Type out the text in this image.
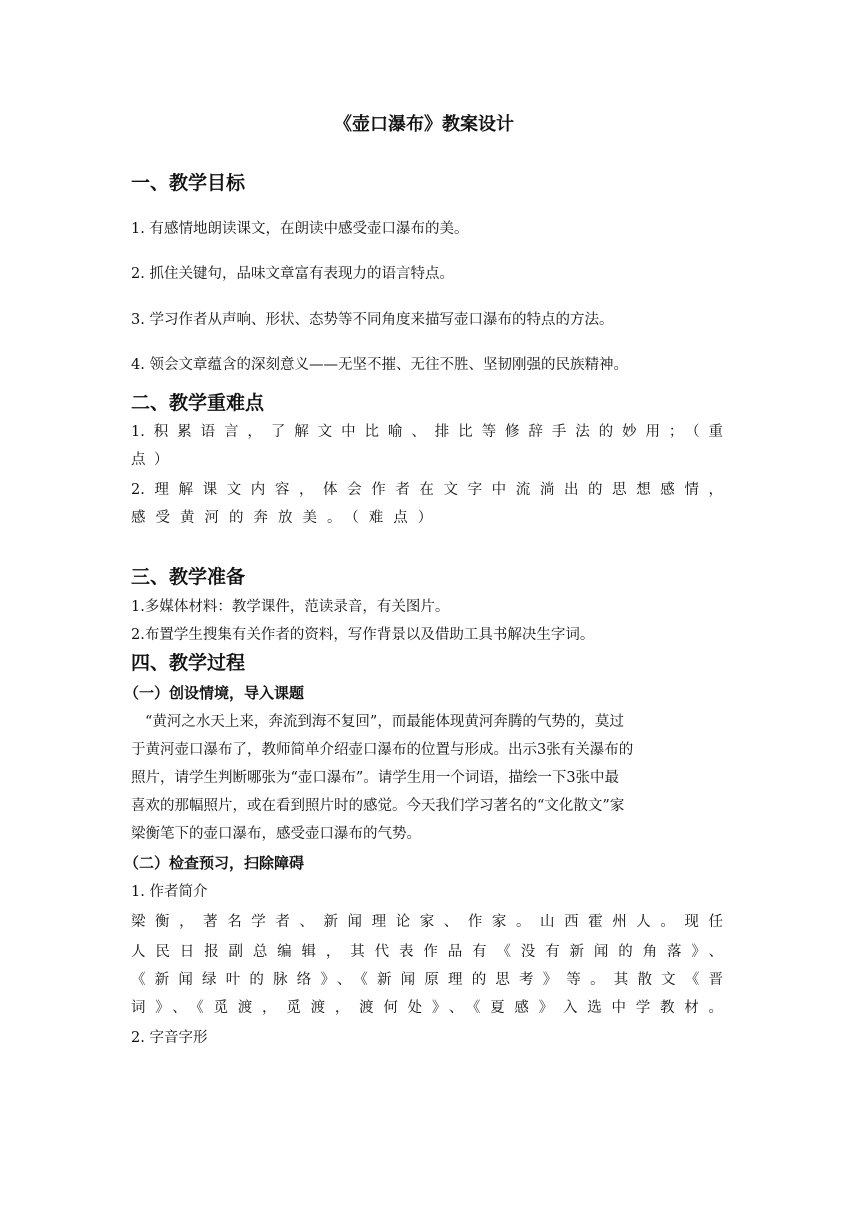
《壶口瀑布》教案设计
一、教学目标
1. 有感情地朗读课文，在朗读中感受壶口瀑布的美。
2. 抓住关键句，品味文章富有表现力的语言特点。
3. 学习作者从声响、形状、态势等不同角度来描写壶口瀑布的特点的方法。
4. 领会文章蕴含的深刻意义——无坚不摧、无往不胜、坚韧刚强的民族精神。
二、教学重难点
1.积累语言，了解文中比喻、排比等修辞手法的妙用；（重
点）
2.理解课文内容，体会作者在文字中流淌出的思想感情，
感受黄河的奔放美。（难点）
三、教学准备
1.多媒体材料：教学课件，范读录音，有关图片。
2.布置学生搜集有关作者的资料，写作背景以及借助工具书解决生字词。
四、教学过程
（一）创设情境，导入课题
“黄河之水天上来，奔流到海不复回”，而最能体现黄河奔腾的气势的，莫过
于黄河壶口瀑布了，教师简单介绍壶口瀑布的位置与形成。出示3张有关瀑布的
照片，请学生判断哪张为“壶口瀑布”。请学生用一个词语，描绘一下3张中最
喜欢的那幅照片，或在看到照片时的感觉。今天我们学习著名的“文化散文”家
梁衡笔下的壶口瀑布，感受壶口瀑布的气势。
（二）检查预习，扫除障碍
1. 作者简介
梁衡，著名学者、新闻理论家、作家。山西霍州人。现任
人民日报副总编辑，其代表作品有《没有新闻的角落》、
《新闻绿叶的脉络》、《新闻原理的思考》等。其散文《晋
词》、《觅渡，觅渡，渡何处》、《夏感》入选中学教材。
2. 字音字形
